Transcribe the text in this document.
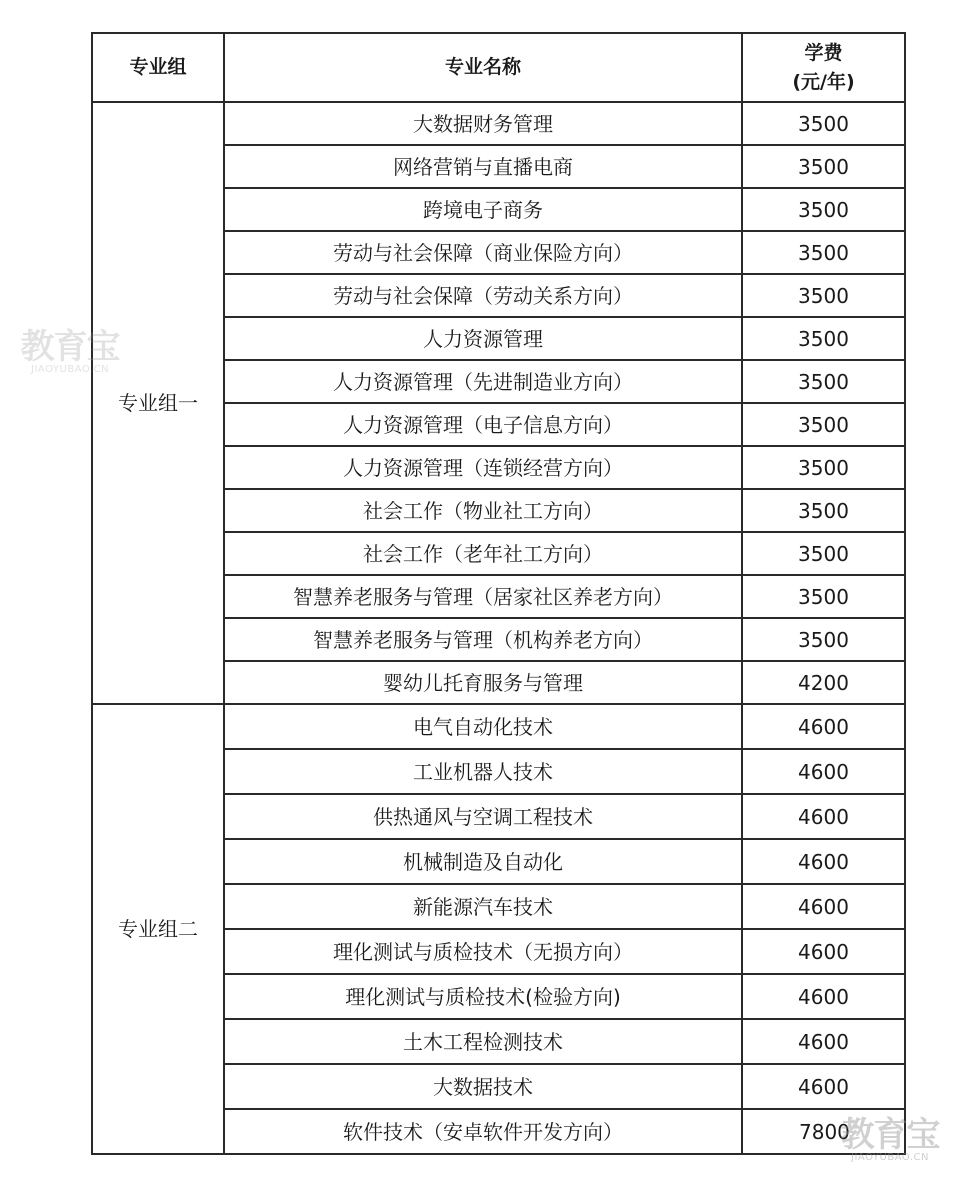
专业组	专业名称	学费
(元/年)

专业组一	大数据财务管理	3500
	网络营销与直播电商	3500
	跨境电子商务	3500
	劳动与社会保障（商业保险方向）	3500
	劳动与社会保障（劳动关系方向）	3500
	人力资源管理	3500
	人力资源管理（先进制造业方向）	3500
	人力资源管理（电子信息方向）	3500
	人力资源管理（连锁经营方向）	3500
	社会工作（物业社工方向）	3500
	社会工作（老年社工方向）	3500
	智慧养老服务与管理（居家社区养老方向）	3500
	智慧养老服务与管理（机构养老方向）	3500
	婴幼儿托育服务与管理	4200
专业组二	电气自动化技术	4600
	工业机器人技术	4600
	供热通风与空调工程技术	4600
	机械制造及自动化	4600
	新能源汽车技术	4600
	理化测试与质检技术（无损方向）	4600
	理化测试与质检技术(检验方向)	4600
	土木工程检测技术	4600
	大数据技术	4600
	软件技术（安卓软件开发方向）	7800
教育宝
JIAOYUBAO.CN
教育宝
JIAOYUBAO.CN
